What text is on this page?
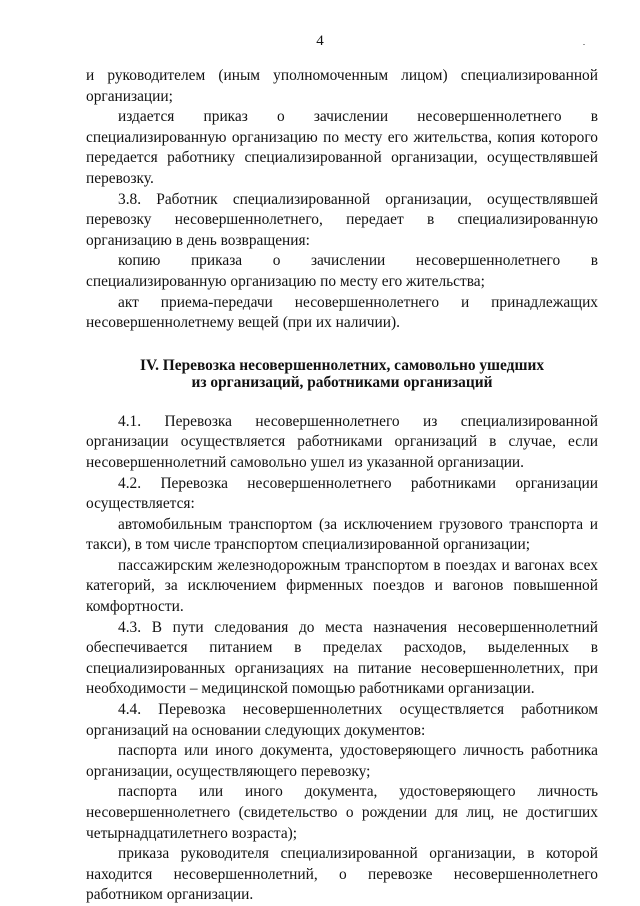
4

и руководителем (иным уполномоченным лицом) специализированной организации;

издается приказ о зачислении несовершеннолетнего в специализированную организацию по месту его жительства, копия которого передается работнику специализированной организации, осуществлявшей перевозку.

3.8. Работник специализированной организации, осуществлявшей перевозку несовершеннолетнего, передает в специализированную организацию в день возвращения:

копию приказа о зачислении несовершеннолетнего в специализированную организацию по месту его жительства;

акт приема-передачи несовершеннолетнего и принадлежащих несовершеннолетнему вещей (при их наличии).

IV. Перевозка несовершеннолетних, самовольно ушедших
из организаций, работниками организаций

4.1. Перевозка несовершеннолетнего из специализированной организации осуществляется работниками организаций в случае, если несовершеннолетний самовольно ушел из указанной организации.

4.2. Перевозка несовершеннолетнего работниками организации осуществляется:

автомобильным транспортом (за исключением грузового транспорта и такси), в том числе транспортом специализированной организации;

пассажирским железнодорожным транспортом в поездах и вагонах всех категорий, за исключением фирменных поездов и вагонов повышенной комфортности.

4.3. В пути следования до места назначения несовершеннолетний обеспечивается питанием в пределах расходов, выделенных в специализированных организациях на питание несовершеннолетних, при необходимости – медицинской помощью работниками организации.

4.4. Перевозка несовершеннолетних осуществляется работником организаций на основании следующих документов:

паспорта или иного документа, удостоверяющего личность работника организации, осуществляющего перевозку;

паспорта или иного документа, удостоверяющего личность несовершеннолетнего (свидетельство о рождении для лиц, не достигших четырнадцатилетнего возраста);

приказа руководителя специализированной организации, в которой находится несовершеннолетний, о перевозке несовершеннолетнего работником организации.
